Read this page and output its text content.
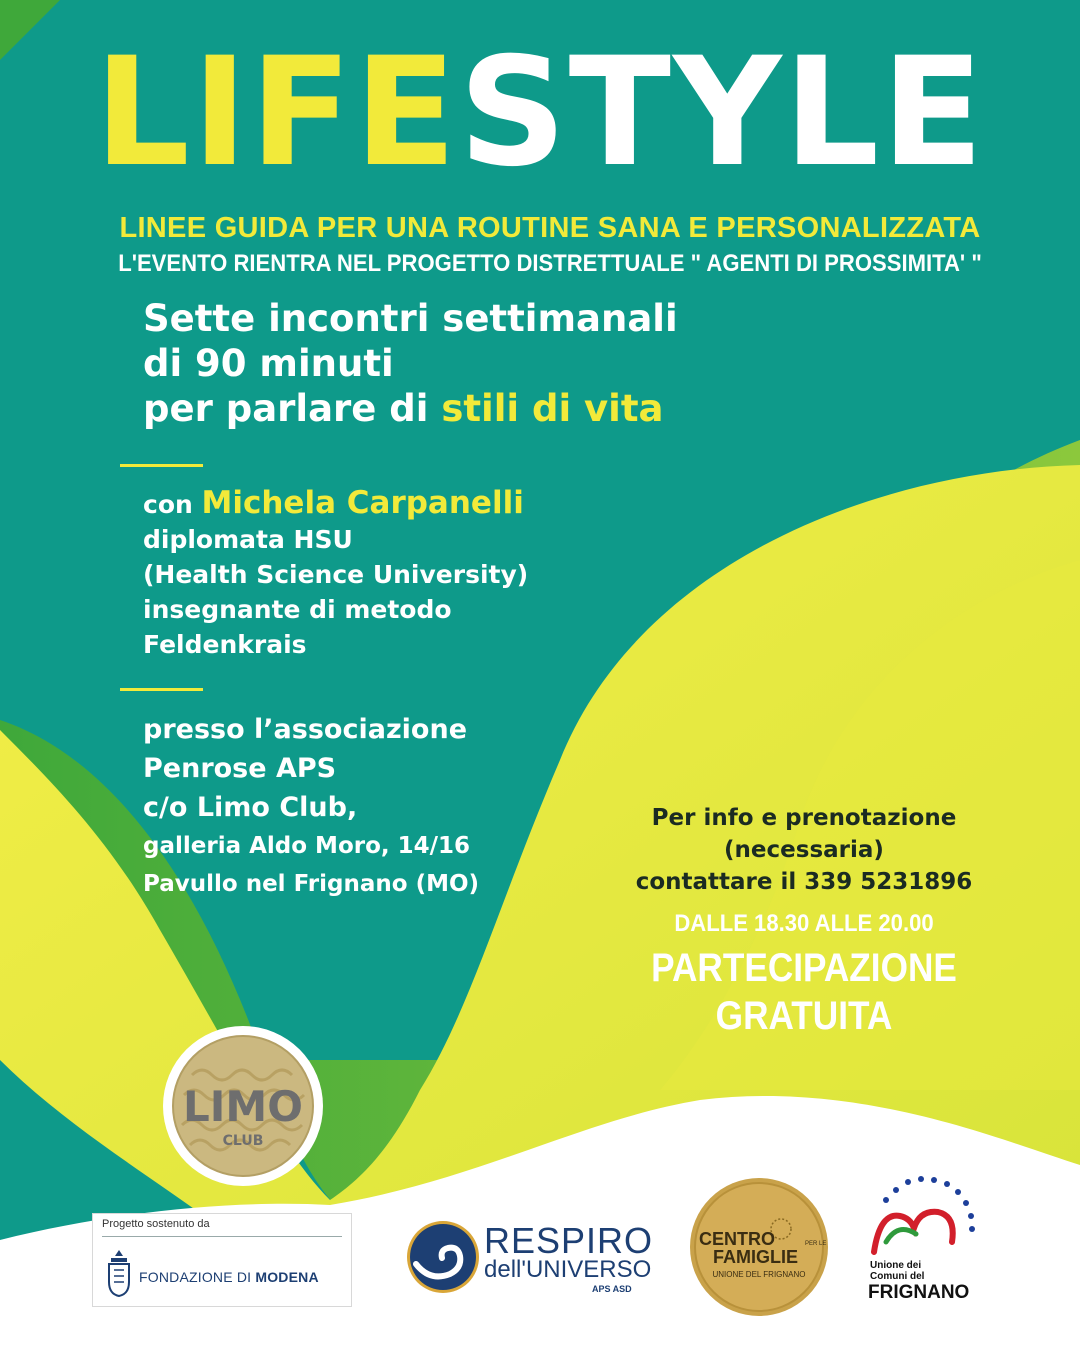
LIFESTYLE
LINEE GUIDA PER UNA ROUTINE SANA E PERSONALIZZATA
L'EVENTO RIENTRA NEL PROGETTO DISTRETTUALE " AGENTI DI PROSSIMITA' "
Sette incontri settimanali
di 90 minuti
per parlare di stili di vita
con Michela Carpanelli
diplomata HSU
(Health Science University)
insegnante di metodo
Feldenkrais
presso l’associazione
Penrose APS
c/o Limo Club,
galleria Aldo Moro, 14/16
Pavullo nel Frignano (MO)
Per info e prenotazione
(necessaria)
contattare il 339 5231896
DALLE 18.30 ALLE 20.00
PARTECIPAZIONE
GRATUITA
LIMO
CLUB
Progetto sostenuto da
FONDAZIONE DI MODENA
RESPIRO
dell'UNIVERSO
APS ASD
CENTRO
FAMIGLIE
PER LE
UNIONE DEL FRIGNANO
Unione dei
Comuni del
FRIGNANO
